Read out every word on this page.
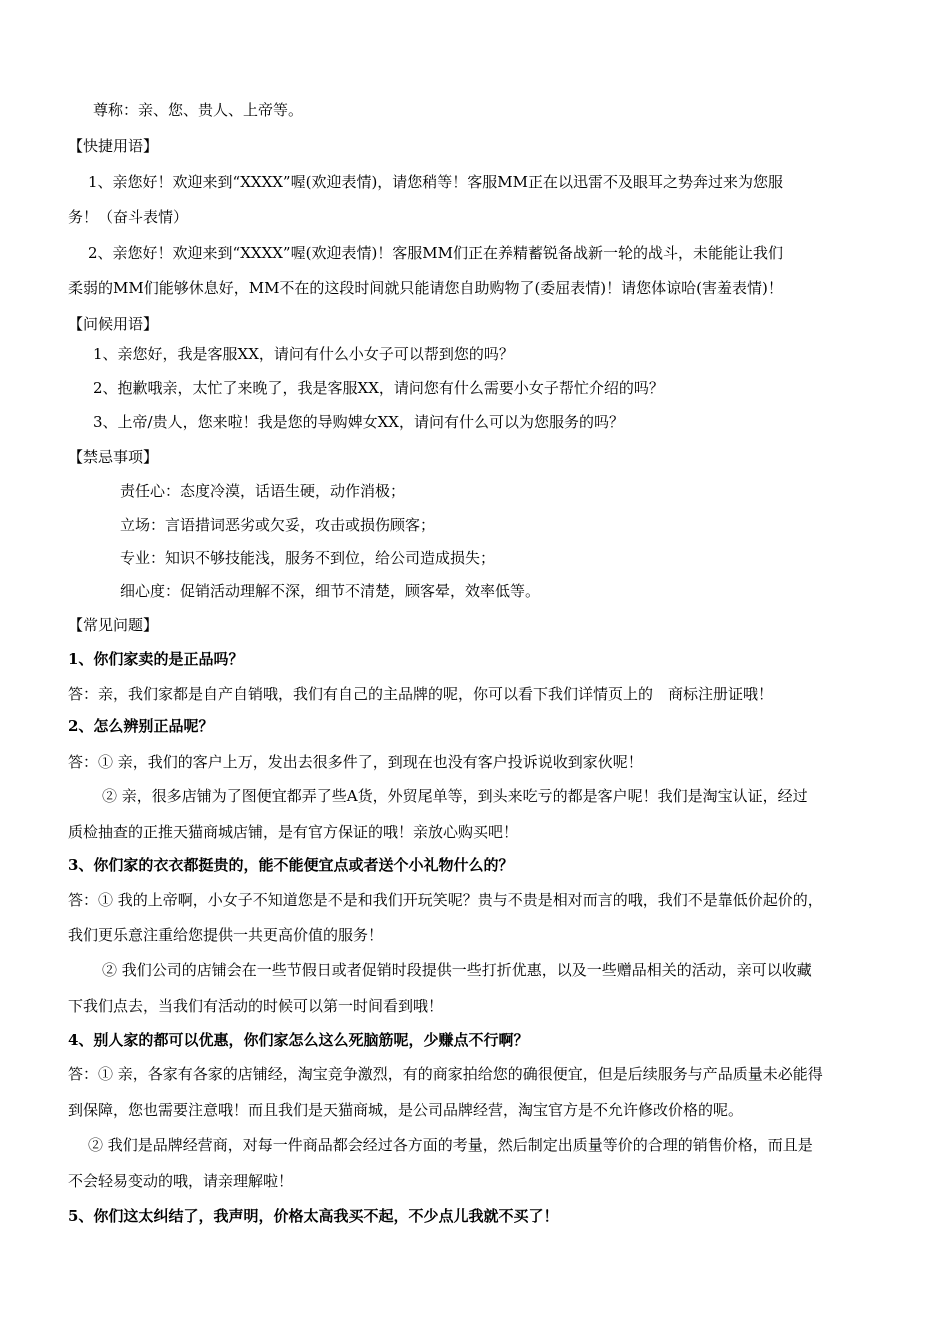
尊称：亲、您、贵人、上帝等。
【快捷用语】
1、亲您好！欢迎来到“XXXX”喔(欢迎表情)，请您稍等！客服MM正在以迅雷不及眼耳之势奔过来为您服
务！（奋斗表情）
2、亲您好！欢迎来到“XXXX”喔(欢迎表情)！客服MM们正在养精蓄锐备战新一轮的战斗，未能能让我们
柔弱的MM们能够休息好，MM不在的这段时间就只能请您自助购物了(委屈表情)！请您体谅哈(害羞表情)！
【问候用语】
1、亲您好，我是客服XX，请问有什么小女子可以帮到您的吗？
2、抱歉哦亲，太忙了来晚了，我是客服XX，请问您有什么需要小女子帮忙介绍的吗？
3、上帝/贵人，您来啦！我是您的导购婢女XX，请问有什么可以为您服务的吗？
【禁忌事项】
责任心：态度冷漠，话语生硬，动作消极；
立场：言语措词恶劣或欠妥，攻击或损伤顾客；
专业：知识不够技能浅，服务不到位，给公司造成损失；
细心度：促销活动理解不深，细节不清楚，顾客晕，效率低等。
【常见问题】
1、你们家卖的是正品吗？
答：亲，我们家都是自产自销哦，我们有自己的主品牌的呢，你可以看下我们详情页上的　商标注册证哦！
2、怎么辨别正品呢？
答：① 亲，我们的客户上万，发出去很多件了，到现在也没有客户投诉说收到家伙呢！
② 亲，很多店铺为了图便宜都弄了些A货，外贸尾单等，到头来吃亏的都是客户呢！我们是淘宝认证，经过
质检抽查的正推天猫商城店铺，是有官方保证的哦！亲放心购买吧！
3、你们家的衣衣都挺贵的，能不能便宜点或者送个小礼物什么的？
答：① 我的上帝啊，小女子不知道您是不是和我们开玩笑呢？贵与不贵是相对而言的哦，我们不是靠低价起价的，
我们更乐意注重给您提供一共更高价值的服务！
② 我们公司的店铺会在一些节假日或者促销时段提供一些打折优惠，以及一些赠品相关的活动，亲可以收藏
下我们点去，当我们有活动的时候可以第一时间看到哦！
4、别人家的都可以优惠，你们家怎么这么死脑筋呢，少赚点不行啊？
答：① 亲，各家有各家的店铺经，淘宝竞争激烈，有的商家拍给您的确很便宜，但是后续服务与产品质量未必能得
到保障，您也需要注意哦！而且我们是天猫商城，是公司品牌经营，淘宝官方是不允许修改价格的呢。
② 我们是品牌经营商，对每一件商品都会经过各方面的考量，然后制定出质量等价的合理的销售价格，而且是
不会轻易变动的哦，请亲理解啦！
5、你们这太纠结了，我声明，价格太高我买不起，不少点儿我就不买了！
